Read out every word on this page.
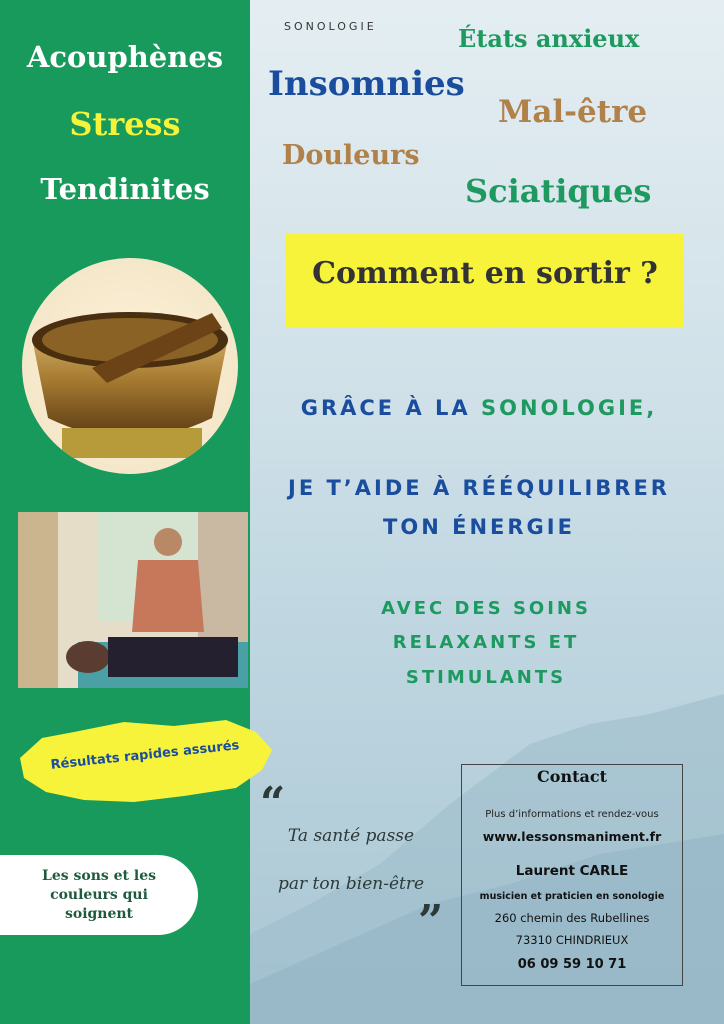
Acouphènes
Stress
Tendinites
Résultats rapides assurés
Les sons et les
couleurs qui
soignent
SONOLOGIE	États anxieux
Insomnies
Mal-être
Douleurs
Sciatiques
Comment en sortir ?
GRÂCE À LA SONOLOGIE,
JE T’AIDE À RÉÉQUILIBRER
TON ÉNERGIE
AVEC DES SOINS
RELAXANTS ET
STIMULANTS
“
Ta santé passe
par ton bien-être
”
Contact
Plus d’informations et rendez-vous
www.lessonsmaniment.fr
Laurent CARLE
musicien et praticien en sonologie
260 chemin des Rubellines
73310 CHINDRIEUX
06 09 59 10 71
